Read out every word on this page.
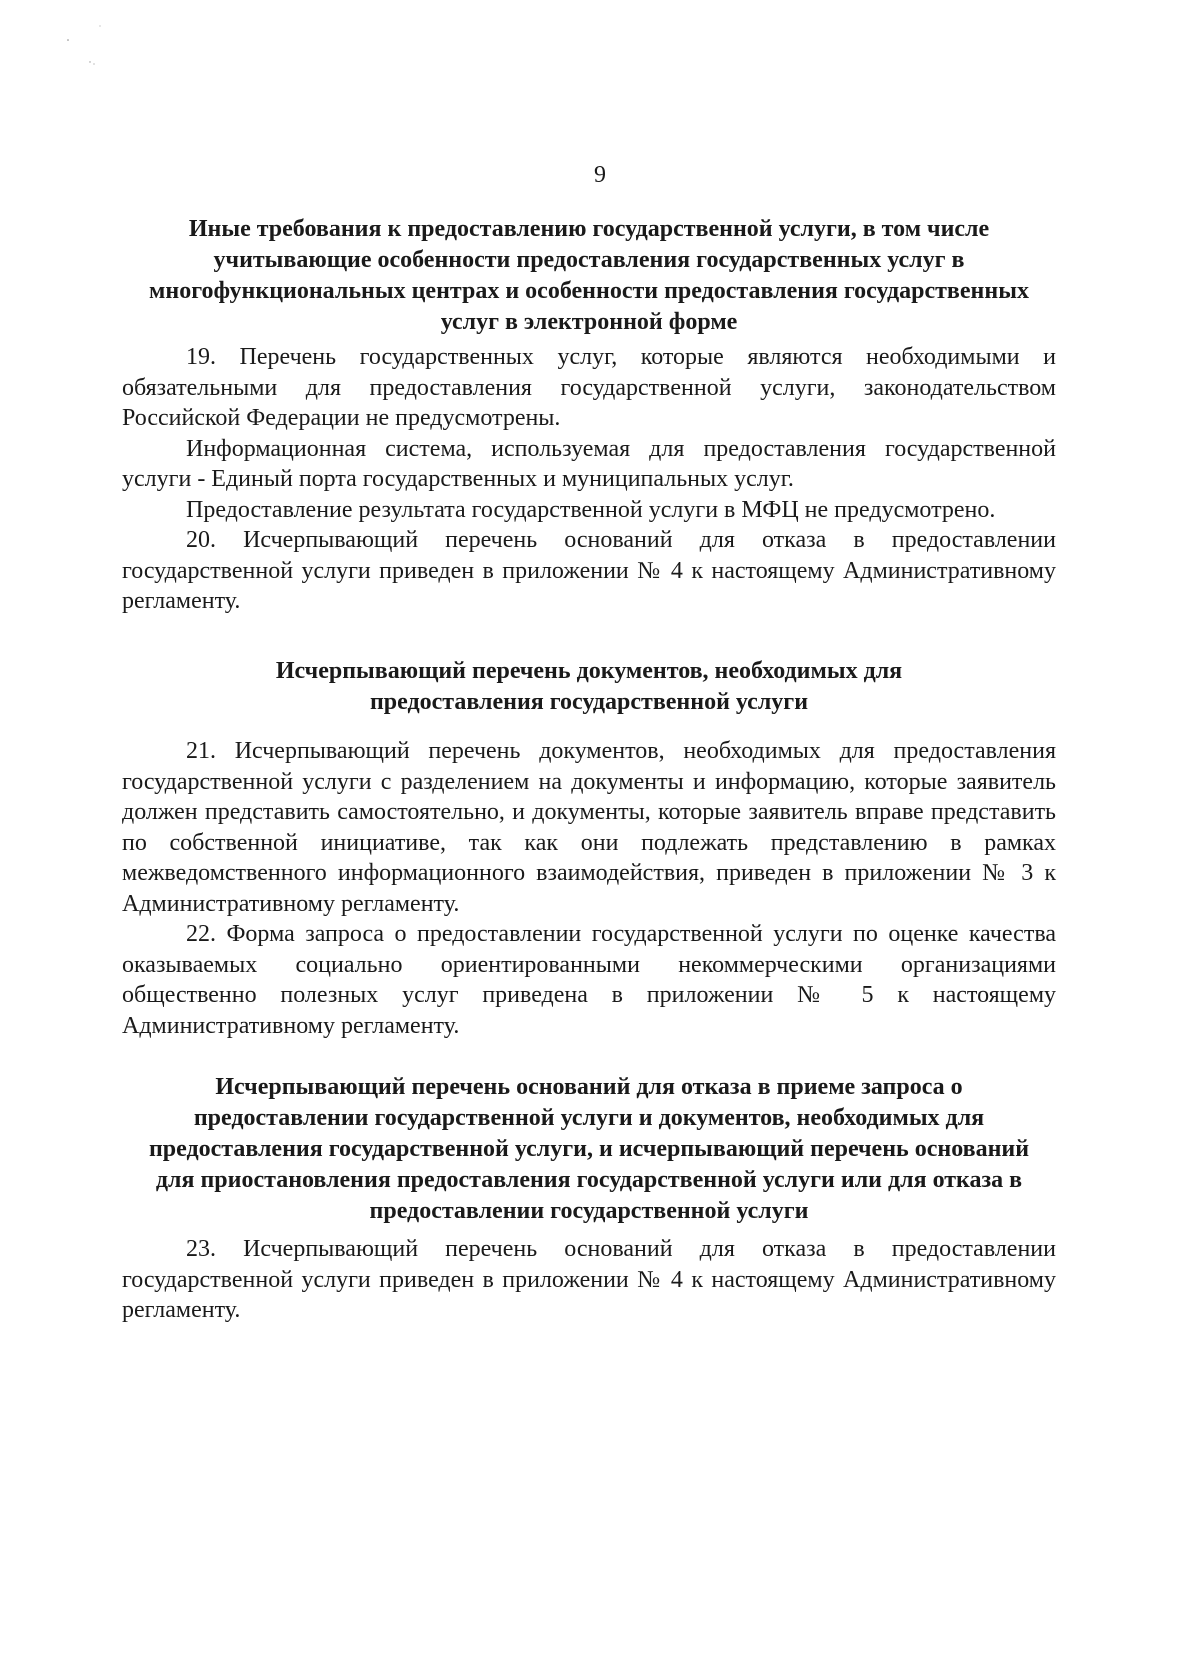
9

Иные требования к предоставлению государственной услуги, в том числе учитывающие особенности предоставления государственных услуг в многофункциональных центрах и особенности предоставления государственных услуг в электронной форме

19. Перечень государственных услуг, которые являются необходимыми и обязательными для предоставления государственной услуги, законодательством Российской Федерации не предусмотрены.

Информационная система, используемая для предоставления государственной услуги - Единый порта государственных и муниципальных услуг.

Предоставление результата государственной услуги в МФЦ не предусмотрено.

20. Исчерпывающий перечень оснований для отказа в предоставлении государственной услуги приведен в приложении № 4 к настоящему Административному регламенту.

Исчерпывающий перечень документов, необходимых для предоставления государственной услуги

21. Исчерпывающий перечень документов, необходимых для предоставления государственной услуги с разделением на документы и информацию, которые заявитель должен представить самостоятельно, и документы, которые заявитель вправе представить по собственной инициативе, так как они подлежать представлению в рамках межведомственного информационного взаимодействия, приведен в приложении № 3 к Административному регламенту.

22. Форма запроса о предоставлении государственной услуги по оценке качества оказываемых социально ориентированными некоммерческими организациями общественно полезных услуг приведена в приложении № 5 к настоящему Административному регламенту.

Исчерпывающий перечень оснований для отказа в приеме запроса о предоставлении государственной услуги и документов, необходимых для предоставления государственной услуги, и исчерпывающий перечень оснований для приостановления предоставления государственной услуги или для отказа в предоставлении государственной услуги

23. Исчерпывающий перечень оснований для отказа в предоставлении государственной услуги приведен в приложении № 4 к настоящему Административному регламенту.
